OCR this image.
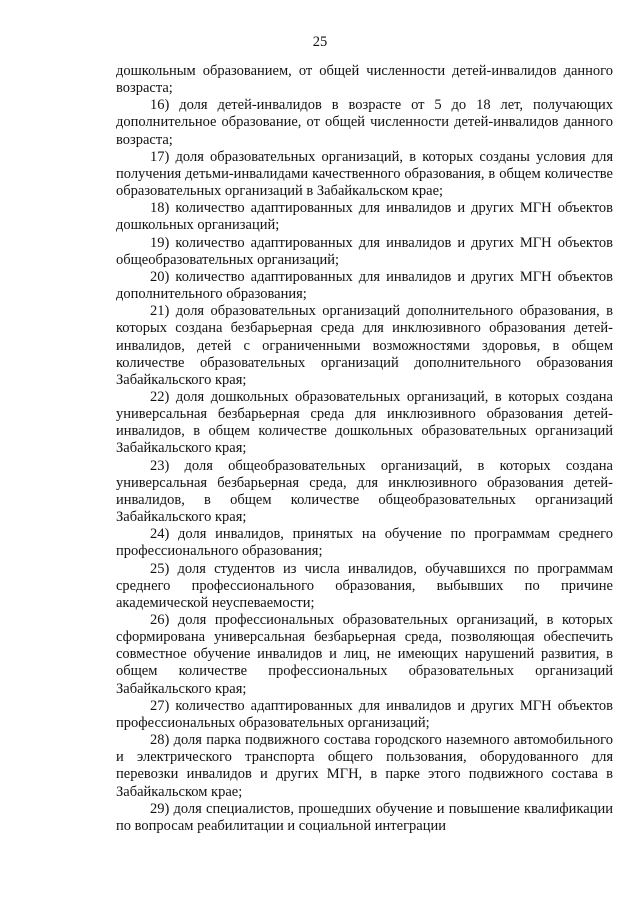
25

дошкольным образованием, от общей численности детей-инвалидов данного возраста;

16) доля детей-инвалидов в возрасте от 5 до 18 лет, получающих дополнительное образование, от общей численности детей-инвалидов данного возраста;

17) доля образовательных организаций, в которых созданы условия для получения детьми-инвалидами качественного образования, в общем количестве образовательных организаций в Забайкальском крае;

18) количество адаптированных для инвалидов и других МГН объектов дошкольных организаций;

19) количество адаптированных для инвалидов и других МГН объектов общеобразовательных организаций;

20) количество адаптированных для инвалидов и других МГН объектов дополнительного образования;

21) доля образовательных организаций дополнительного образования, в которых создана безбарьерная среда для инклюзивного образования детей-инвалидов, детей с ограниченными возможностями здоровья, в общем количестве образовательных организаций дополнительного образования Забайкальского края;

22) доля дошкольных образовательных организаций, в которых создана универсальная безбарьерная среда для инклюзивного образования детей-инвалидов, в общем количестве дошкольных образовательных организаций Забайкальского края;

23) доля общеобразовательных организаций, в которых создана универсальная безбарьерная среда, для инклюзивного образования детей-инвалидов, в общем количестве общеобразовательных организаций Забайкальского края;

24) доля инвалидов, принятых на обучение по программам среднего профессионального образования;

25) доля студентов из числа инвалидов, обучавшихся по программам среднего профессионального образования, выбывших по причине академической неуспеваемости;

26) доля профессиональных образовательных организаций, в которых сформирована универсальная безбарьерная среда, позволяющая обеспечить совместное обучение инвалидов и лиц, не имеющих нарушений развития, в общем количестве профессиональных образовательных организаций Забайкальского края;

27) количество адаптированных для инвалидов и других МГН объектов профессиональных образовательных организаций;

28) доля парка подвижного состава городского наземного автомобильного и электрического транспорта общего пользования, оборудованного для перевозки инвалидов и других МГН, в парке этого подвижного состава в Забайкальском крае;

29) доля специалистов, прошедших обучение и повышение квалификации по вопросам реабилитации и социальной интеграции
